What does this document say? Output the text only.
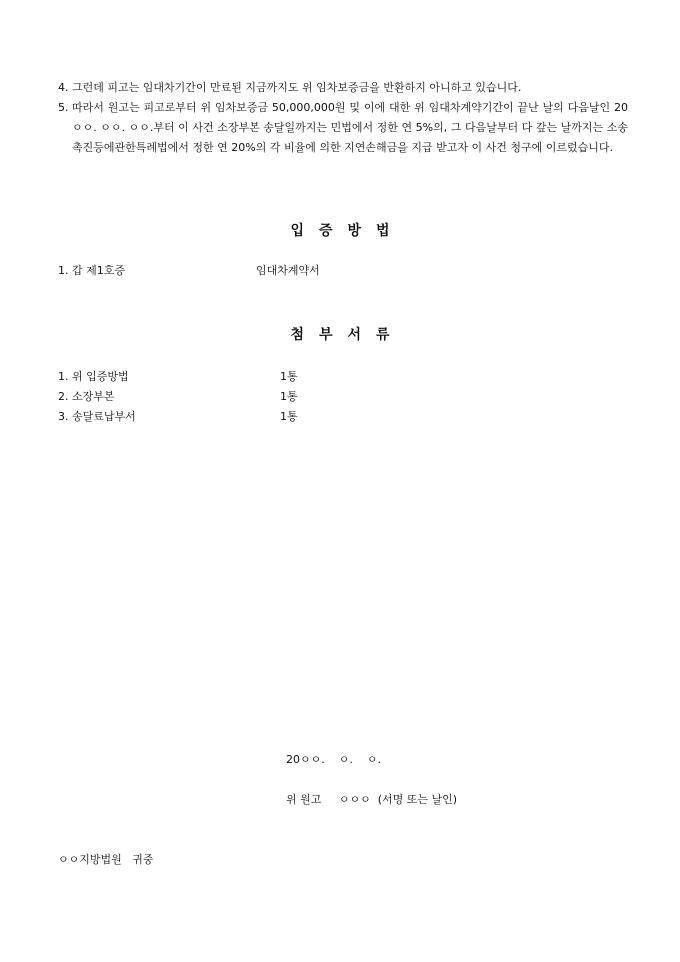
4. 그런데 피고는 임대차기간이 만료된 지금까지도 위 임차보증금을 반환하지 아니하고 있습니다.
5. 따라서 원고는 피고로부터 위 임차보증금 50,000,000원 및 이에 대한 위 임대차계약기간이 끝난 날의 다음날인 20ㅇㅇ. ㅇㅇ. ㅇㅇ.부터 이 사건 소장부본 송달일까지는 민법에서 정한 연 5%의, 그 다음날부터 다 갚는 날까지는 소송촉진등에관한특례법에서 정한 연 20%의 각 비율에 의한 지연손해금을 지급 받고자 이 사건 청구에 이르렀습니다.
입증방법
1. 갑 제1호증	임대차계약서
첨부서류
1. 위 입증방법	1통
2. 소장부본	1통
3. 송달료납부서	1통
20ㅇㅇ.    ㅇ.    ㅇ.
위 원고     ㅇㅇㅇ  (서명 또는 날인)
ㅇㅇ지방법원   귀중
